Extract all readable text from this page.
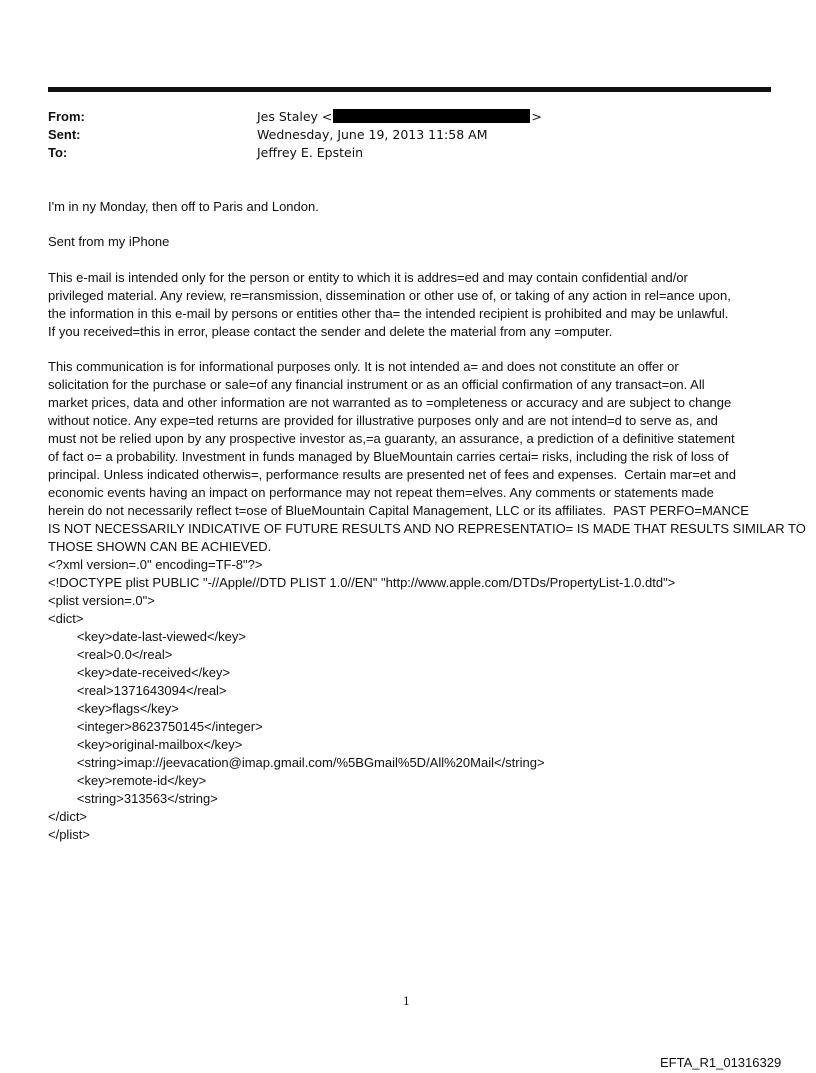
From:	Jes Staley <	>
Sent:	Wednesday, June 19, 2013 11:58 AM
To:	Jeffrey E. Epstein
I'm in ny Monday, then off to Paris and London.
Sent from my iPhone
This e-mail is intended only for the person or entity to which it is addres=ed and may contain confidential and/or
privileged material. Any review, re=ransmission, dissemination or other use of, or taking of any action in rel=ance upon,
the information in this e-mail by persons or entities other tha= the intended recipient is prohibited and may be unlawful.
If you received=this in error, please contact the sender and delete the material from any =omputer.
This communication is for informational purposes only. It is not intended a= and does not constitute an offer or
solicitation for the purchase or sale=of any financial instrument or as an official confirmation of any transact=on. All
market prices, data and other information are not warranted as to =ompleteness or accuracy and are subject to change
without notice. Any expe=ted returns are provided for illustrative purposes only and are not intend=d to serve as, and
must not be relied upon by any prospective investor as,=a guaranty, an assurance, a prediction of a definitive statement
of fact o= a probability. Investment in funds managed by BlueMountain carries certai= risks, including the risk of loss of
principal. Unless indicated otherwis=, performance results are presented net of fees and expenses.  Certain mar=et and
economic events having an impact on performance may not repeat them=elves. Any comments or statements made
herein do not necessarily reflect t=ose of BlueMountain Capital Management, LLC or its affiliates.  PAST PERFO=MANCE
IS NOT NECESSARILY INDICATIVE OF FUTURE RESULTS AND NO REPRESENTATIO= IS MADE THAT RESULTS SIMILAR TO
THOSE SHOWN CAN BE ACHIEVED.
<?xml version=.0" encoding=TF-8"?>
<!DOCTYPE plist PUBLIC "-//Apple//DTD PLIST 1.0//EN" "http://www.apple.com/DTDs/PropertyList-1.0.dtd">
<plist version=.0">
<dict>
<key>date-last-viewed</key>
<real>0.0</real>
<key>date-received</key>
<real>1371643094</real>
<key>flags</key>
<integer>8623750145</integer>
<key>original-mailbox</key>
<string>imap://jeevacation@imap.gmail.com/%5BGmail%5D/All%20Mail</string>
<key>remote-id</key>
<string>313563</string>
</dict>
</plist>
1
EFTA_R1_01316329
